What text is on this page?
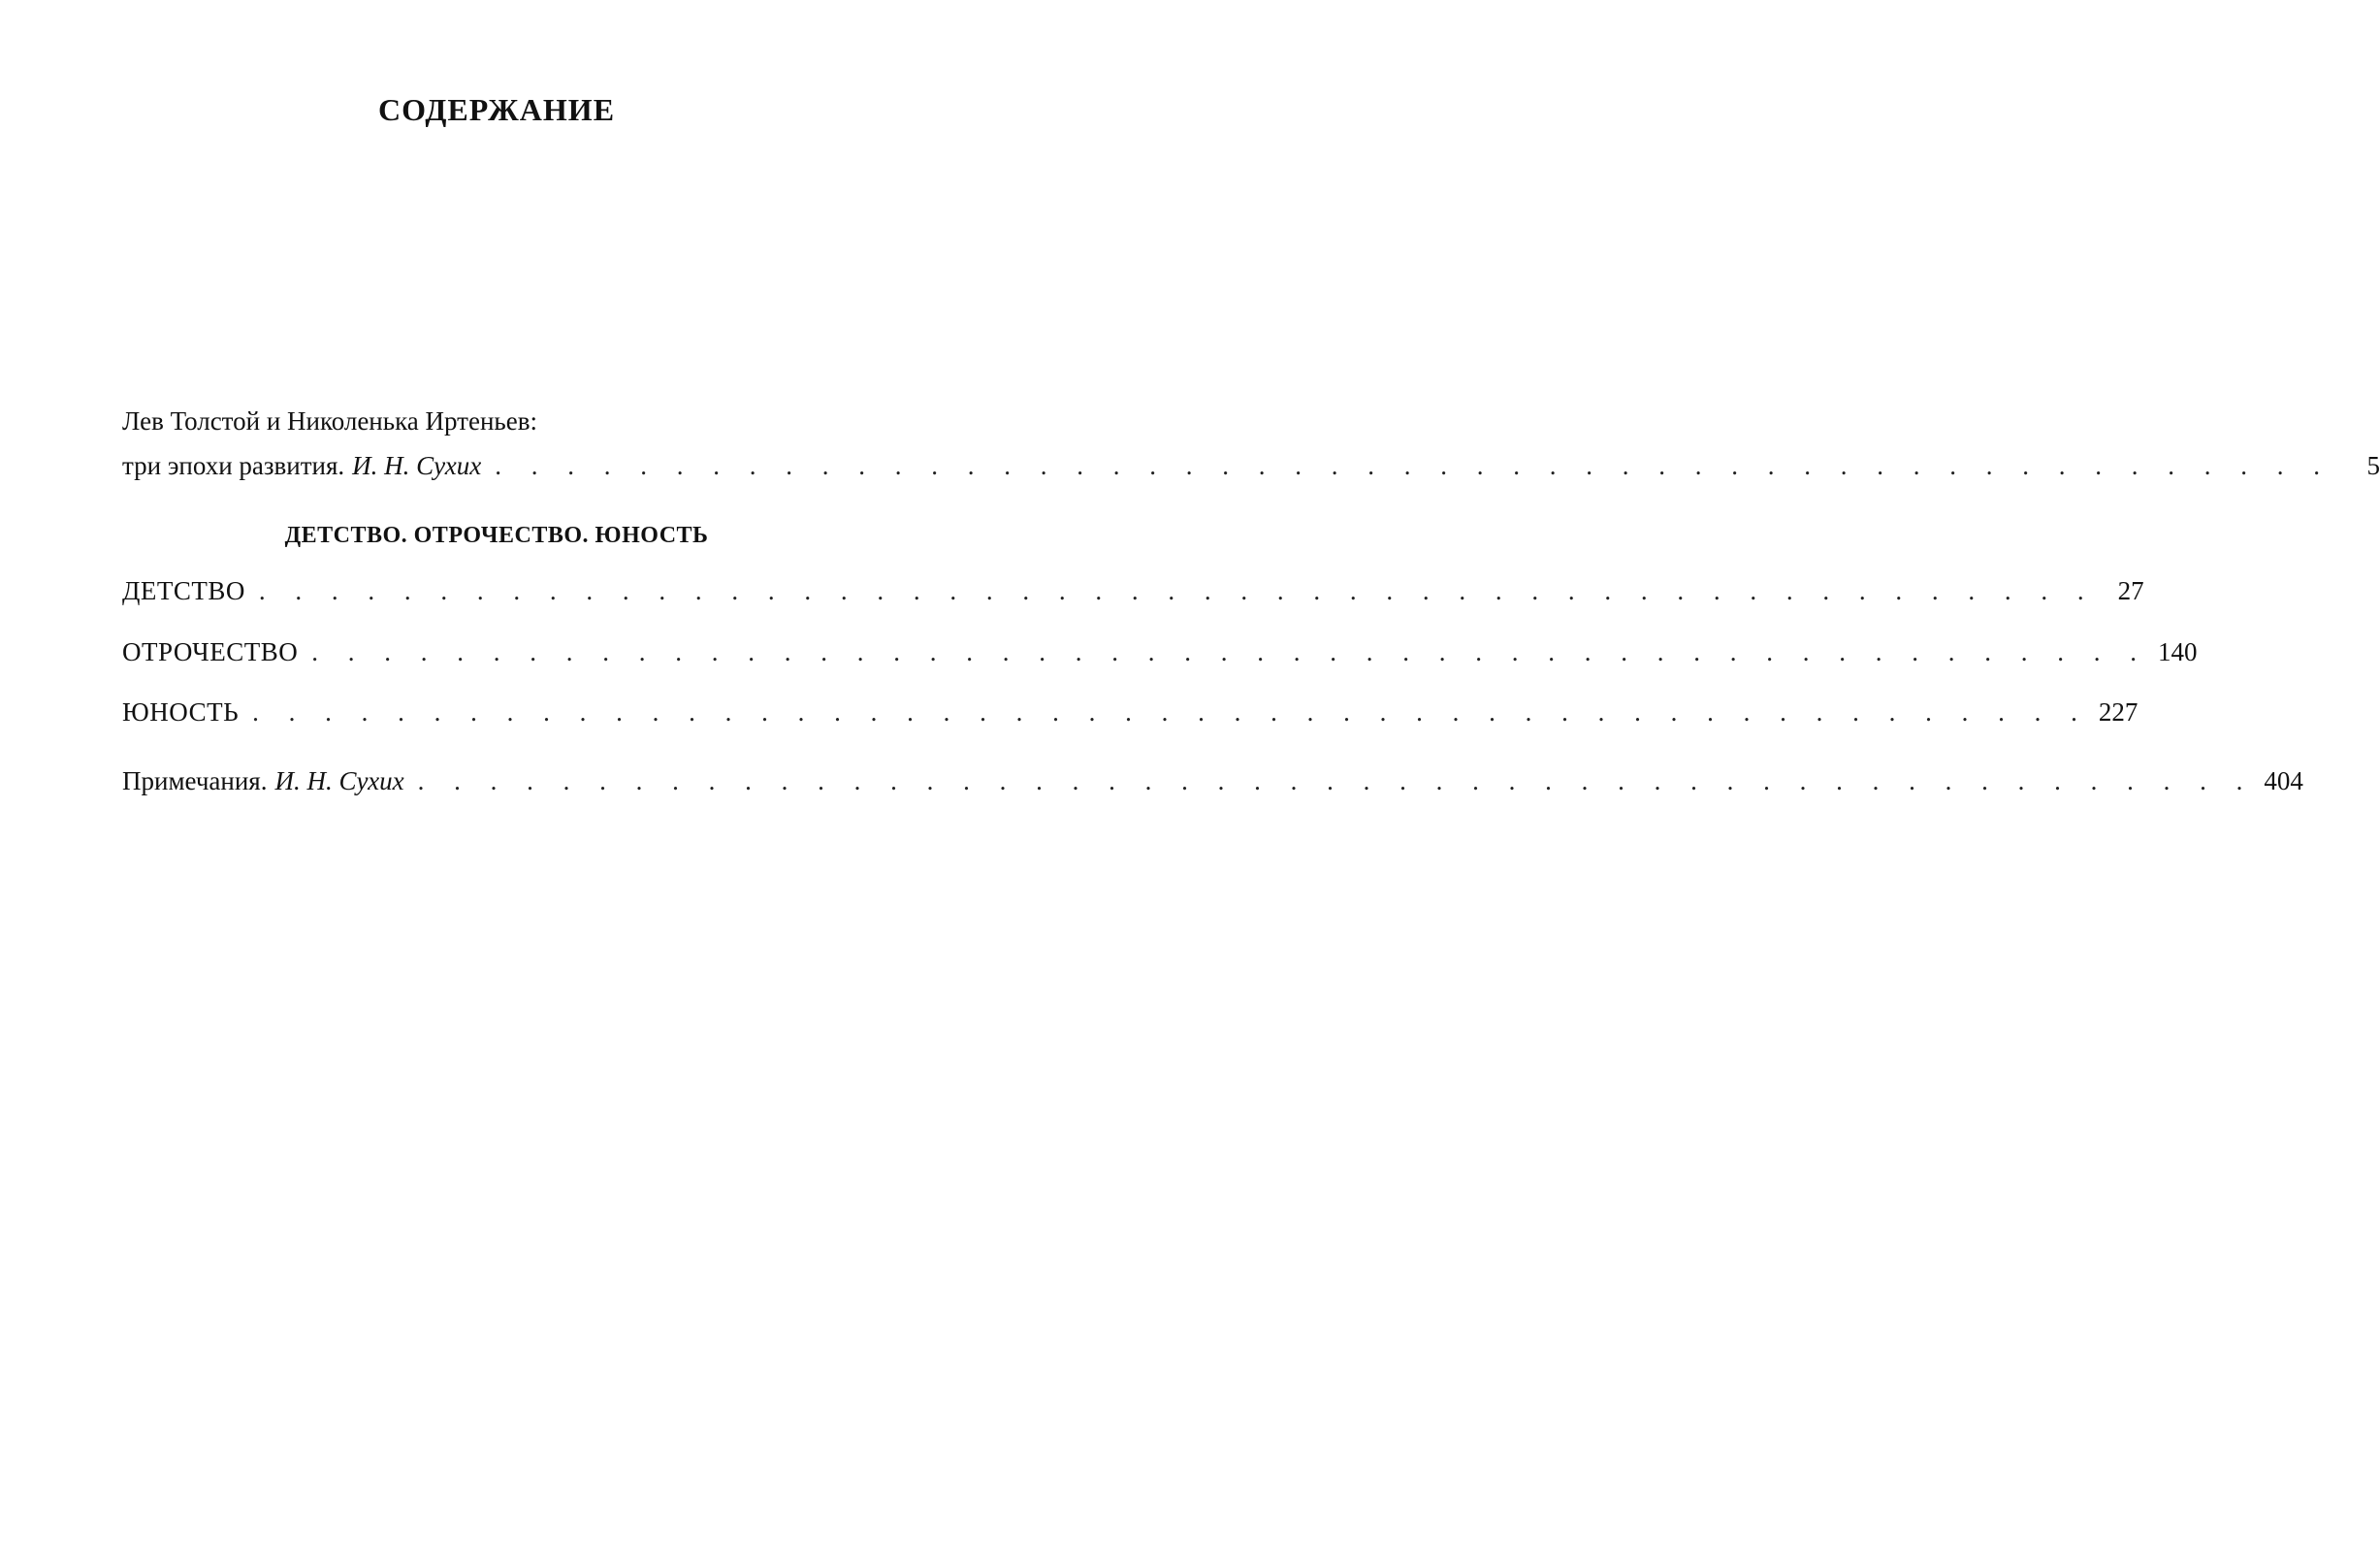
СОДЕРЖАНИЕ
Лев Толстой и Николенька Иртеньев:
три эпохи развития. И. Н. Сухих . . . . . . . . . . . . . . . . . . . . . . . . . . . . . . . . . . . . . . . . . . . . . . . . . . .	5
ДЕТСТВО. ОТРОЧЕСТВО. ЮНОСТЬ
ДЕТСТВО . . . . . . . . . . . . . . . . . . . . . . . . . . . . . . . . . . . . . . . . . . . . . . . . . . . 27
ОТРОЧЕСТВО . . . . . . . . . . . . . . . . . . . . . . . . . . . . . . . . . . . . . . . . . . . . . . . . . . . 140
ЮНОСТЬ . . . . . . . . . . . . . . . . . . . . . . . . . . . . . . . . . . . . . . . . . . . . . . . . . . . 227
Примечания. И. Н. Сухих . . . . . . . . . . . . . . . . . . . . . . . . . . . . . . . . . . . . . . . . . . . . . . . . . . . 404
